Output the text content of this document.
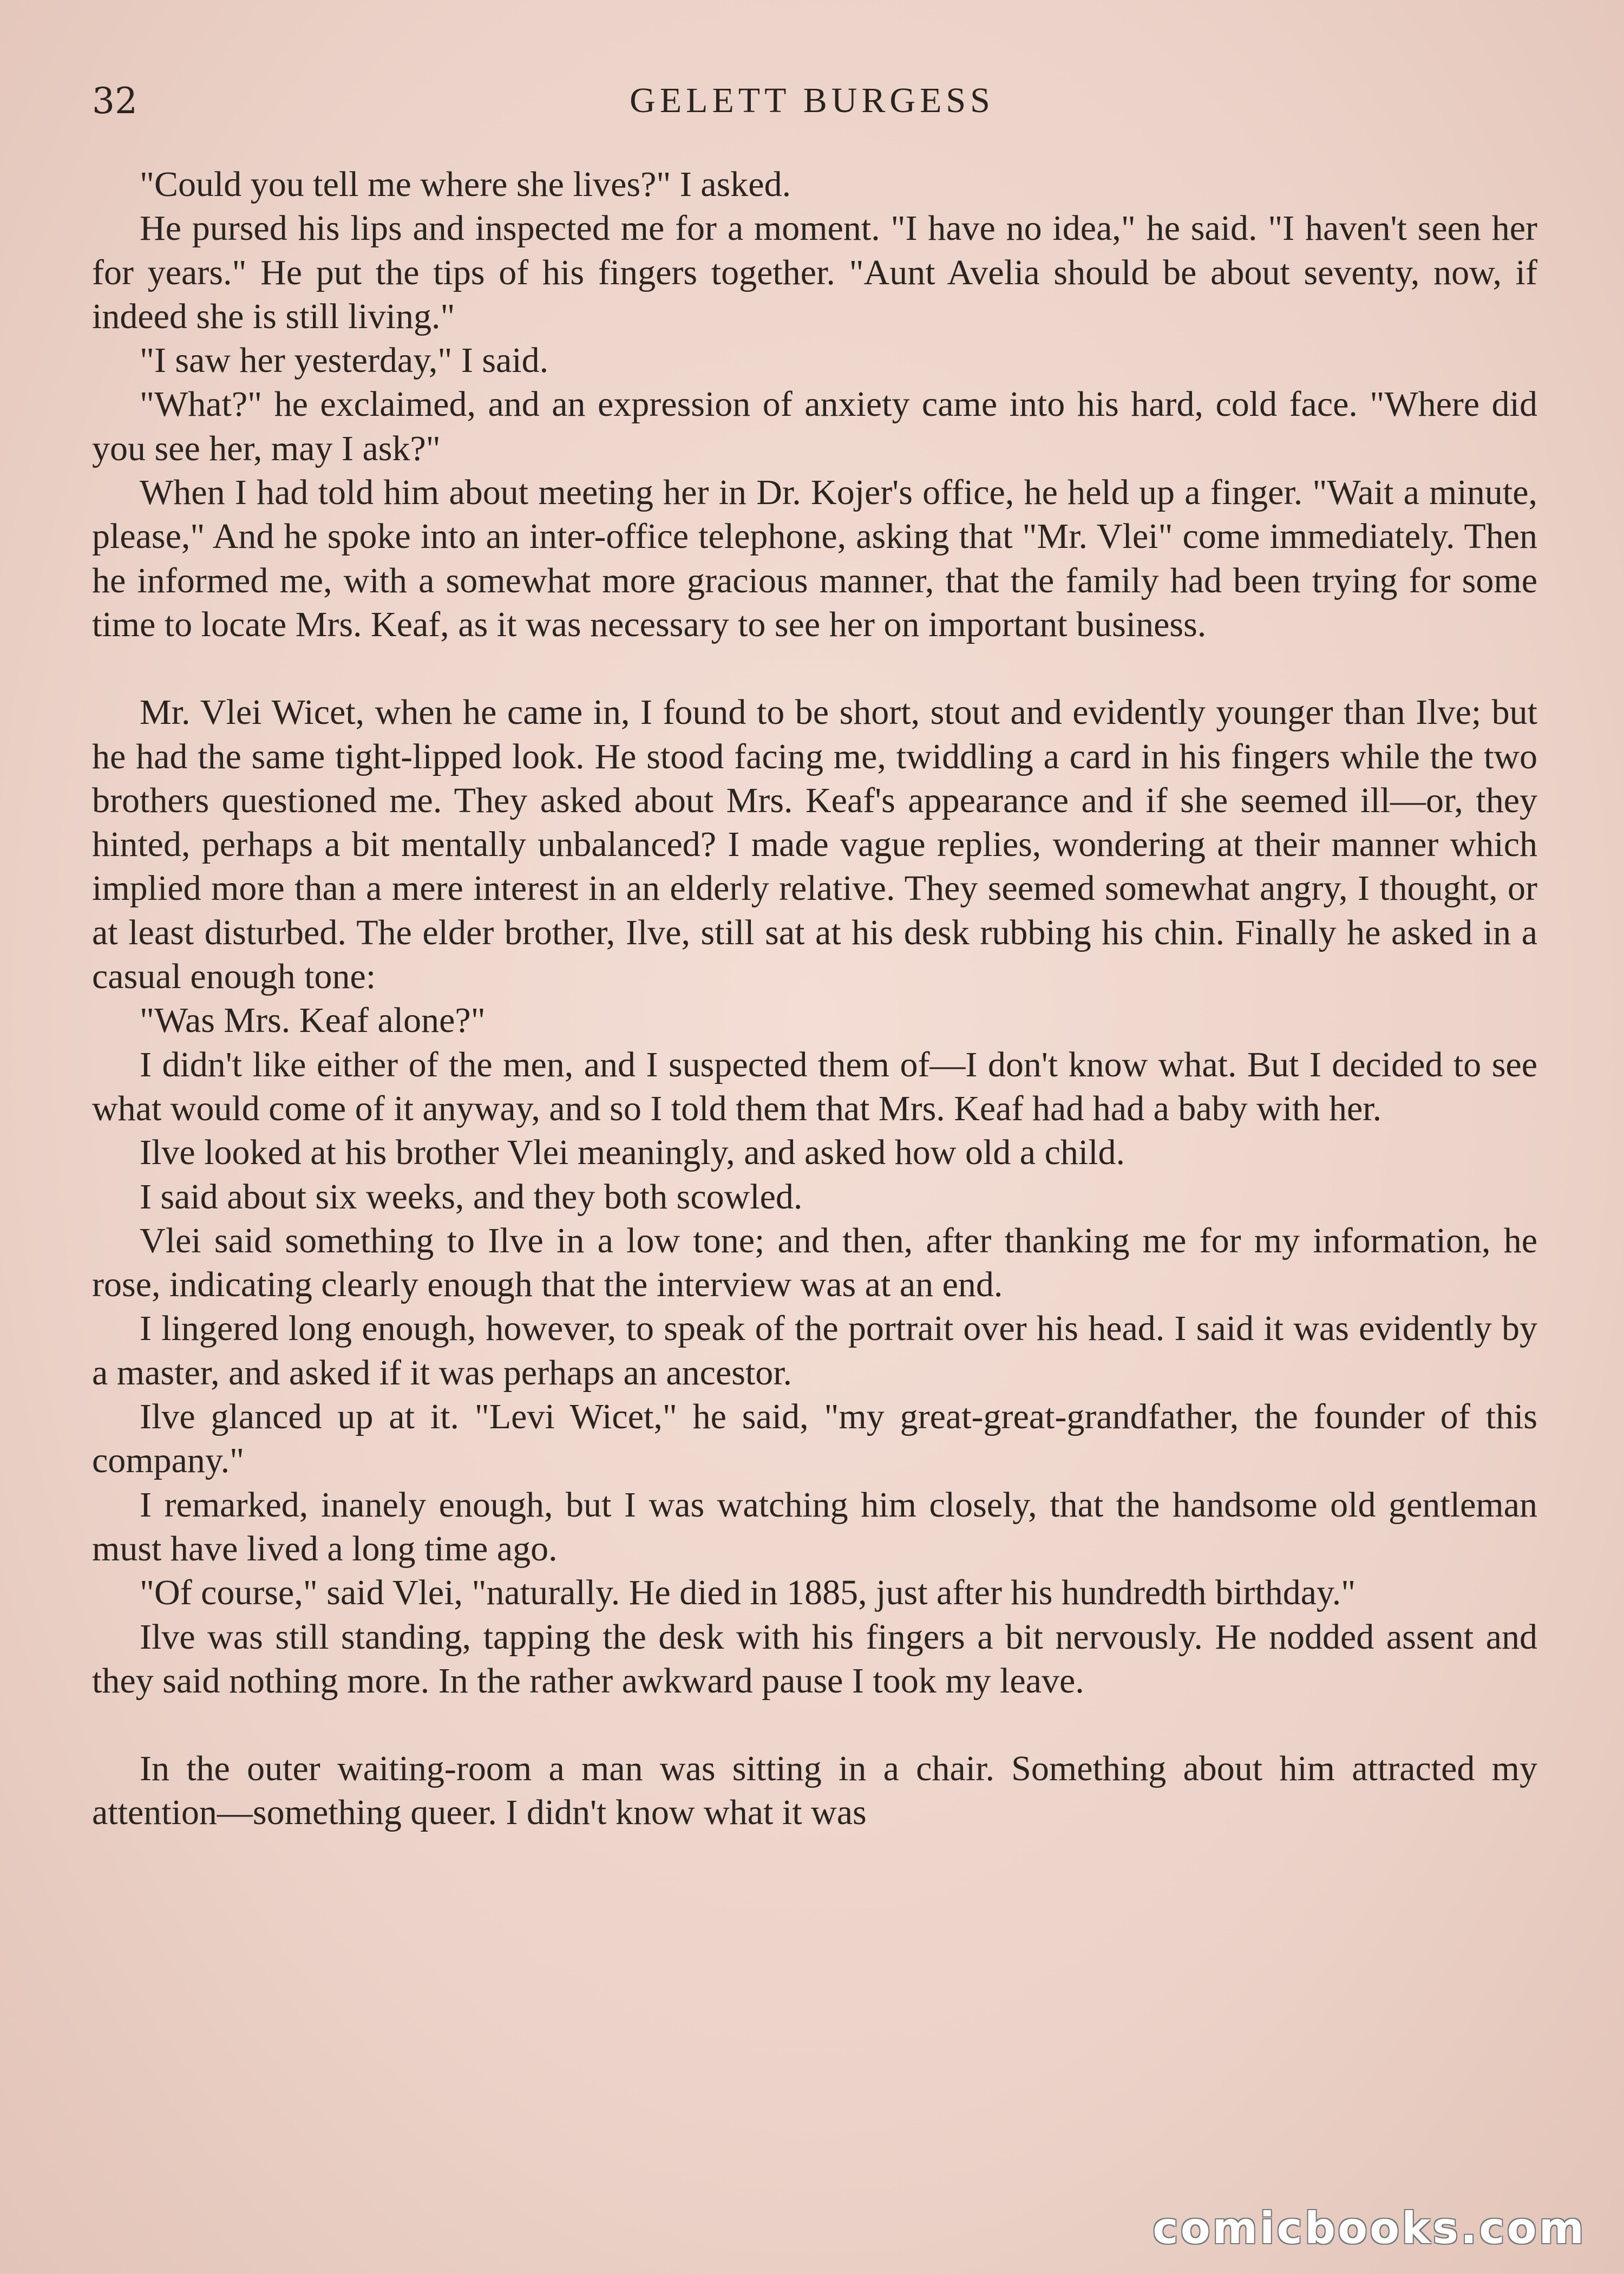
32	GELETT BURGESS

"Could you tell me where she lives?" I asked.

He pursed his lips and inspected me for a moment. "I have no idea," he said. "I haven't seen her for years." He put the tips of his fingers together. "Aunt Avelia should be about seventy, now, if indeed she is still living."

"I saw her yesterday," I said.

"What?" he exclaimed, and an expression of anxiety came into his hard, cold face. "Where did you see her, may I ask?"

When I had told him about meeting her in Dr. Kojer's office, he held up a finger. "Wait a minute, please," And he spoke into an inter-office telephone, asking that "Mr. Vlei" come immediately. Then he informed me, with a somewhat more gracious manner, that the family had been trying for some time to locate Mrs. Keaf, as it was necessary to see her on important business.

Mr. Vlei Wicet, when he came in, I found to be short, stout and evidently younger than Ilve; but he had the same tight-lipped look. He stood facing me, twiddling a card in his fingers while the two brothers questioned me. They asked about Mrs. Keaf's appearance and if she seemed ill—or, they hinted, perhaps a bit mentally unbalanced? I made vague replies, wondering at their manner which implied more than a mere interest in an elderly relative. They seemed somewhat angry, I thought, or at least disturbed. The elder brother, Ilve, still sat at his desk rubbing his chin. Finally he asked in a casual enough tone:

"Was Mrs. Keaf alone?"

I didn't like either of the men, and I suspected them of—I don't know what. But I decided to see what would come of it anyway, and so I told them that Mrs. Keaf had had a baby with her.

Ilve looked at his brother Vlei meaningly, and asked how old a child.

I said about six weeks, and they both scowled.

Vlei said something to Ilve in a low tone; and then, after thanking me for my information, he rose, indicating clearly enough that the interview was at an end.

I lingered long enough, however, to speak of the portrait over his head. I said it was evidently by a master, and asked if it was perhaps an ancestor.

Ilve glanced up at it. "Levi Wicet," he said, "my great-great-grandfather, the founder of this company."

I remarked, inanely enough, but I was watching him closely, that the handsome old gentleman must have lived a long time ago.

"Of course," said Vlei, "naturally. He died in 1885, just after his hundredth birthday."

Ilve was still standing, tapping the desk with his fingers a bit nervously. He nodded assent and they said nothing more. In the rather awkward pause I took my leave.

In the outer waiting-room a man was sitting in a chair. Something about him attracted my attention—something queer. I didn't know what it was

comicbooks.com
